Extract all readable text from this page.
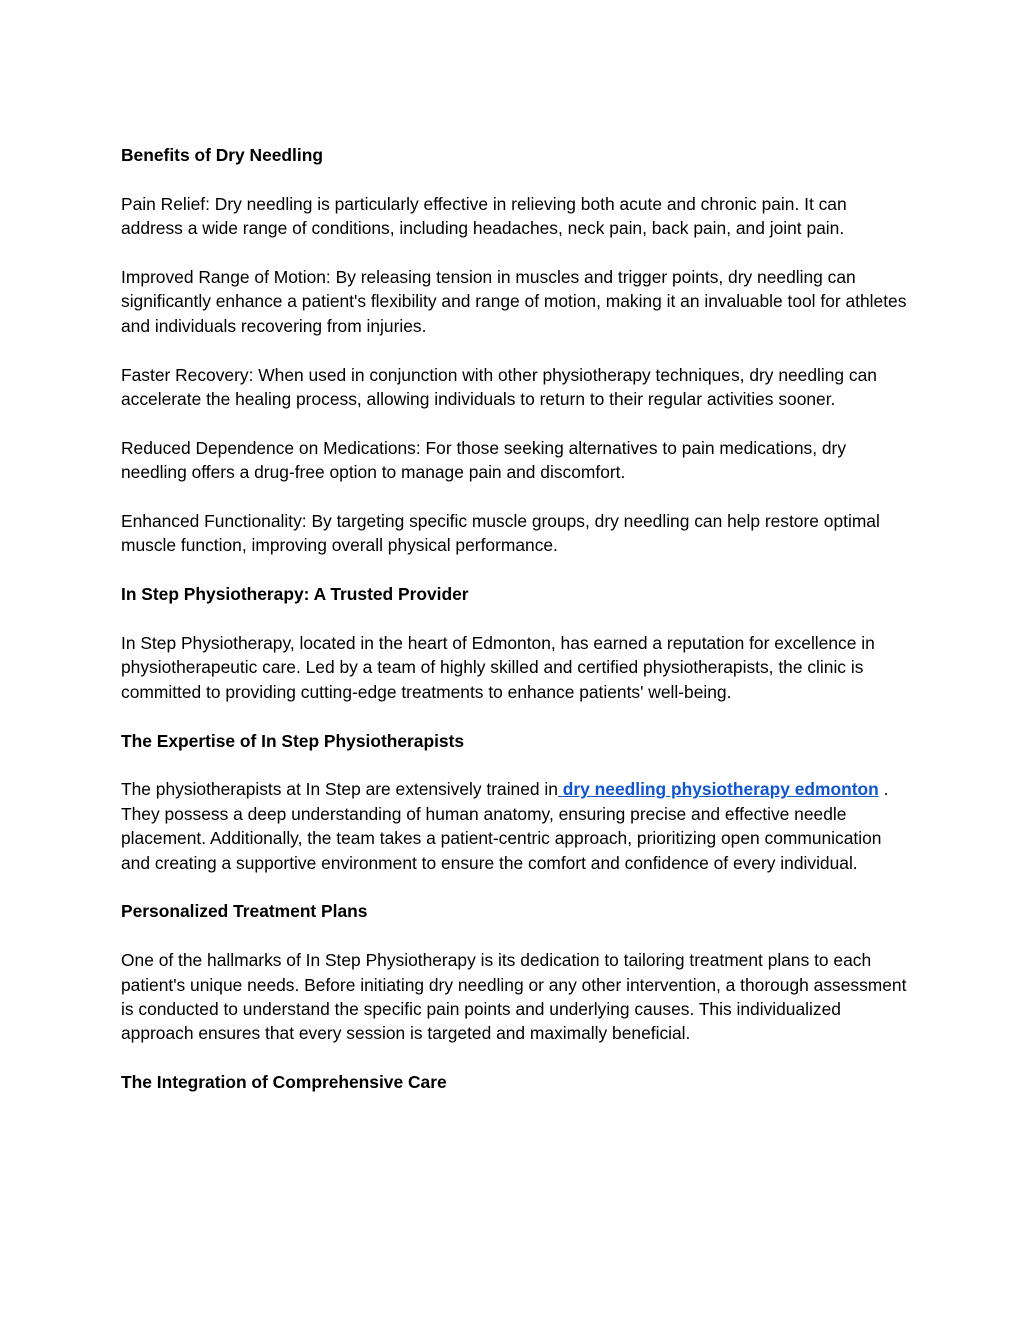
Benefits of Dry Needling
Pain Relief: Dry needling is particularly effective in relieving both acute and chronic pain. It can address a wide range of conditions, including headaches, neck pain, back pain, and joint pain.
Improved Range of Motion: By releasing tension in muscles and trigger points, dry needling can significantly enhance a patient's flexibility and range of motion, making it an invaluable tool for athletes and individuals recovering from injuries.
Faster Recovery: When used in conjunction with other physiotherapy techniques, dry needling can accelerate the healing process, allowing individuals to return to their regular activities sooner.
Reduced Dependence on Medications: For those seeking alternatives to pain medications, dry needling offers a drug-free option to manage pain and discomfort.
Enhanced Functionality: By targeting specific muscle groups, dry needling can help restore optimal muscle function, improving overall physical performance.
In Step Physiotherapy: A Trusted Provider
In Step Physiotherapy, located in the heart of Edmonton, has earned a reputation for excellence in physiotherapeutic care. Led by a team of highly skilled and certified physiotherapists, the clinic is committed to providing cutting-edge treatments to enhance patients' well-being.
The Expertise of In Step Physiotherapists
The physiotherapists at In Step are extensively trained in dry needling physiotherapy edmonton . They possess a deep understanding of human anatomy, ensuring precise and effective needle placement. Additionally, the team takes a patient-centric approach, prioritizing open communication and creating a supportive environment to ensure the comfort and confidence of every individual.
Personalized Treatment Plans
One of the hallmarks of In Step Physiotherapy is its dedication to tailoring treatment plans to each patient's unique needs. Before initiating dry needling or any other intervention, a thorough assessment is conducted to understand the specific pain points and underlying causes. This individualized approach ensures that every session is targeted and maximally beneficial.
The Integration of Comprehensive Care
